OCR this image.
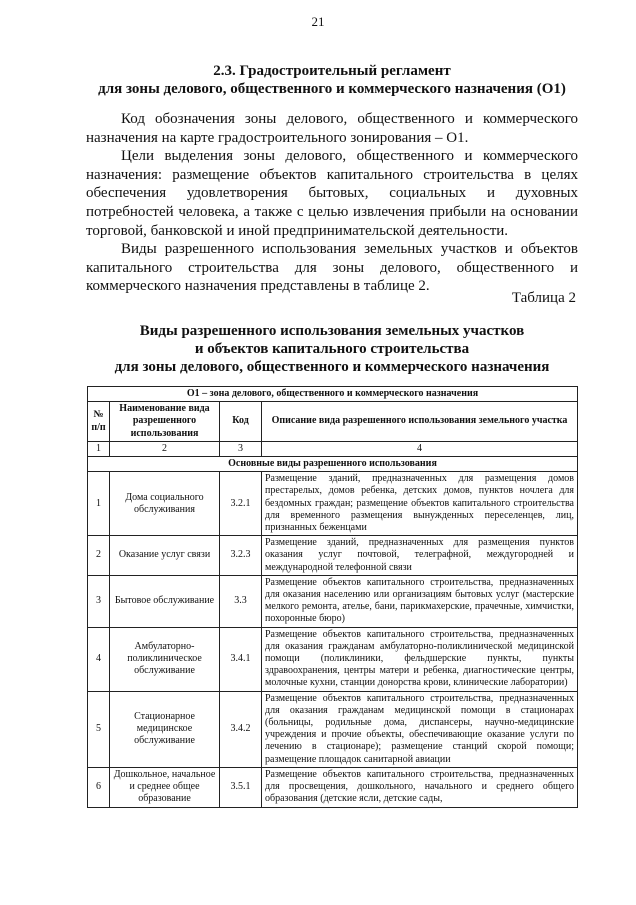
21
2.3. Градостроительный регламент
для зоны делового, общественного и коммерческого назначения (О1)

Код обозначения зоны делового, общественного и коммерческого назначения на карте градостроительного зонирования – О1.

Цели выделения зоны делового, общественного и коммерческого назначения: размещение объектов капитального строительства в целях обеспечения удовлетворения бытовых, социальных и духовных потребностей человека, а также с целью извлечения прибыли на основании торговой, банковской и иной предпринимательской деятельности.

Виды разрешенного использования земельных участков и объектов капитального строительства для зоны делового, общественного и коммерческого назначения представлены в таблице 2.

Таблица 2
Виды разрешенного использования земельных участков
и объектов капитального строительства
для зоны делового, общественного и коммерческого назначения
О1 – зона делового, общественного и коммерческого назначения			
№ п/п	Наименование вида разрешенного использования	Код	Описание вида разрешенного использования земельного участка
1	2	3	4
Основные виды разрешенного использования			
1	Дома социального обслуживания	3.2.1	Размещение зданий, предназначенных для размещения домов престарелых, домов ребенка, детских домов, пунктов ночлега для бездомных граждан; размещение объектов капитального строительства для временного размещения вынужденных переселенцев, лиц, признанных беженцами
2	Оказание услуг связи	3.2.3	Размещение зданий, предназначенных для размещения пунктов оказания услуг почтовой, телеграфной, междугородней и международной телефонной связи
3	Бытовое обслуживание	3.3	Размещение объектов капитального строительства, предназначенных для оказания населению или организациям бытовых услуг (мастерские мелкого ремонта, ателье, бани, парикмахерские, прачечные, химчистки, похоронные бюро)
4	Амбулаторно-поликлиническое обслуживание	3.4.1	Размещение объектов капитального строительства, предназначенных для оказания гражданам амбулаторно-поликлинической медицинской помощи (поликлиники, фельдшерские пункты, пункты здравоохранения, центры матери и ребенка, диагностические центры, молочные кухни, станции донорства крови, клинические лаборатории)
5	Стационарное медицинское обслуживание	3.4.2	Размещение объектов капитального строительства, предназначенных для оказания гражданам медицинской помощи в стационарах (больницы, родильные дома, диспансеры, научно-медицинские учреждения и прочие объекты, обеспечивающие оказание услуги по лечению в стационаре); размещение станций скорой помощи; размещение площадок санитарной авиации
6	Дошкольное, начальное и среднее общее образование	3.5.1	Размещение объектов капитального строительства, предназначенных для просвещения, дошкольного, начального и среднего общего образования (детские ясли, детские сады,
